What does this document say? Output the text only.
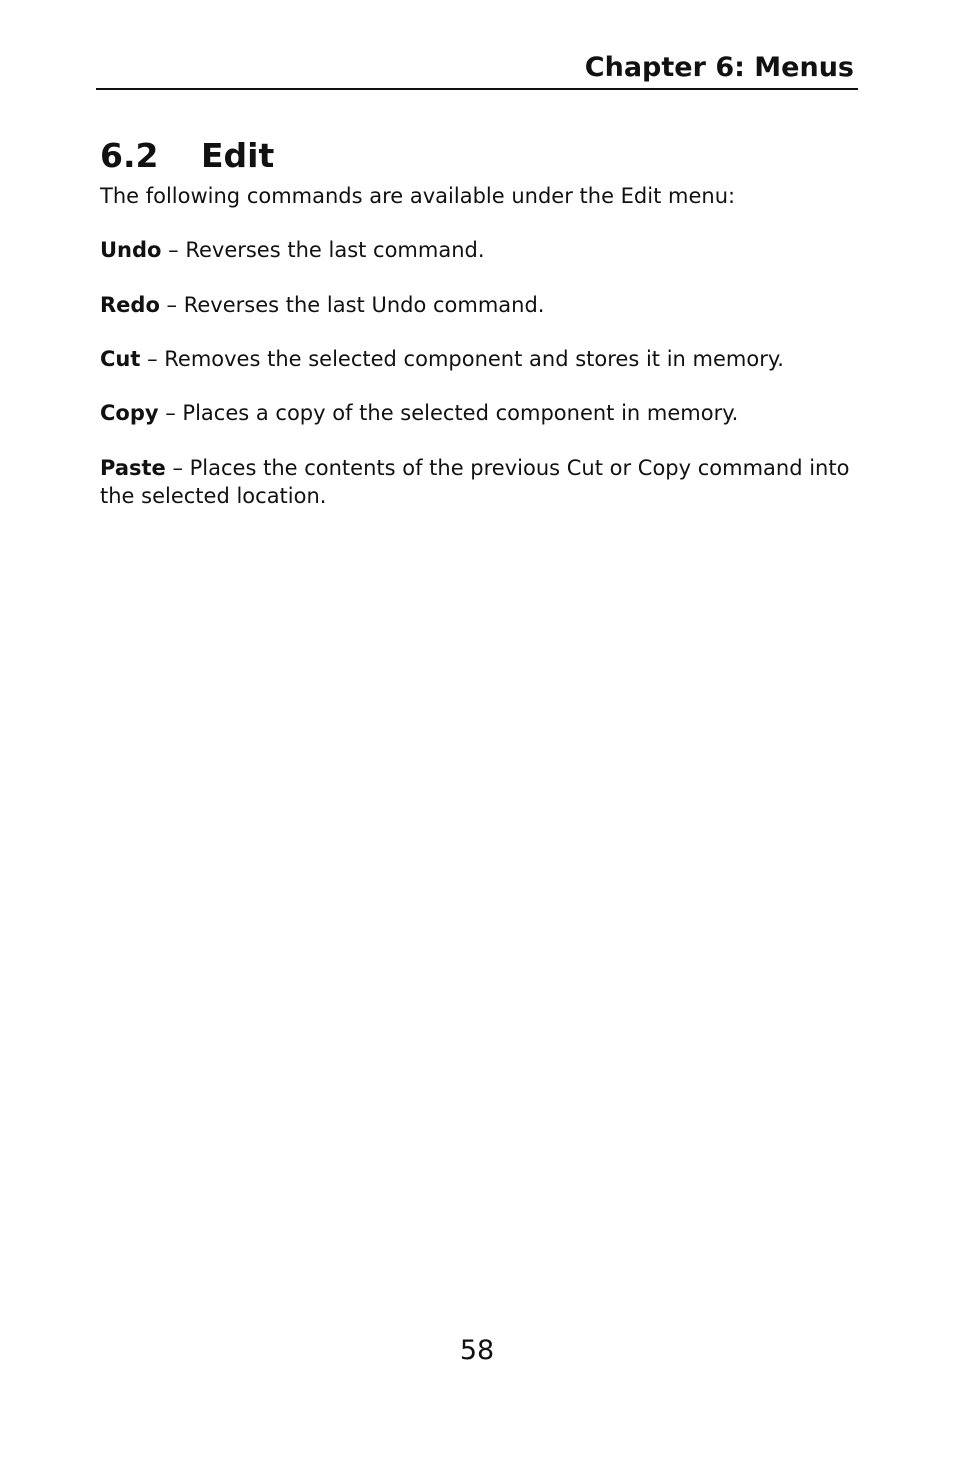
Chapter 6: Menus
6.2 Edit

The following commands are available under the Edit menu:

Undo – Reverses the last command.

Redo – Reverses the last Undo command.

Cut – Removes the selected component and stores it in memory.

Copy – Places a copy of the selected component in memory.

Paste – Places the contents of the previous Cut or Copy command into the selected location.

58
